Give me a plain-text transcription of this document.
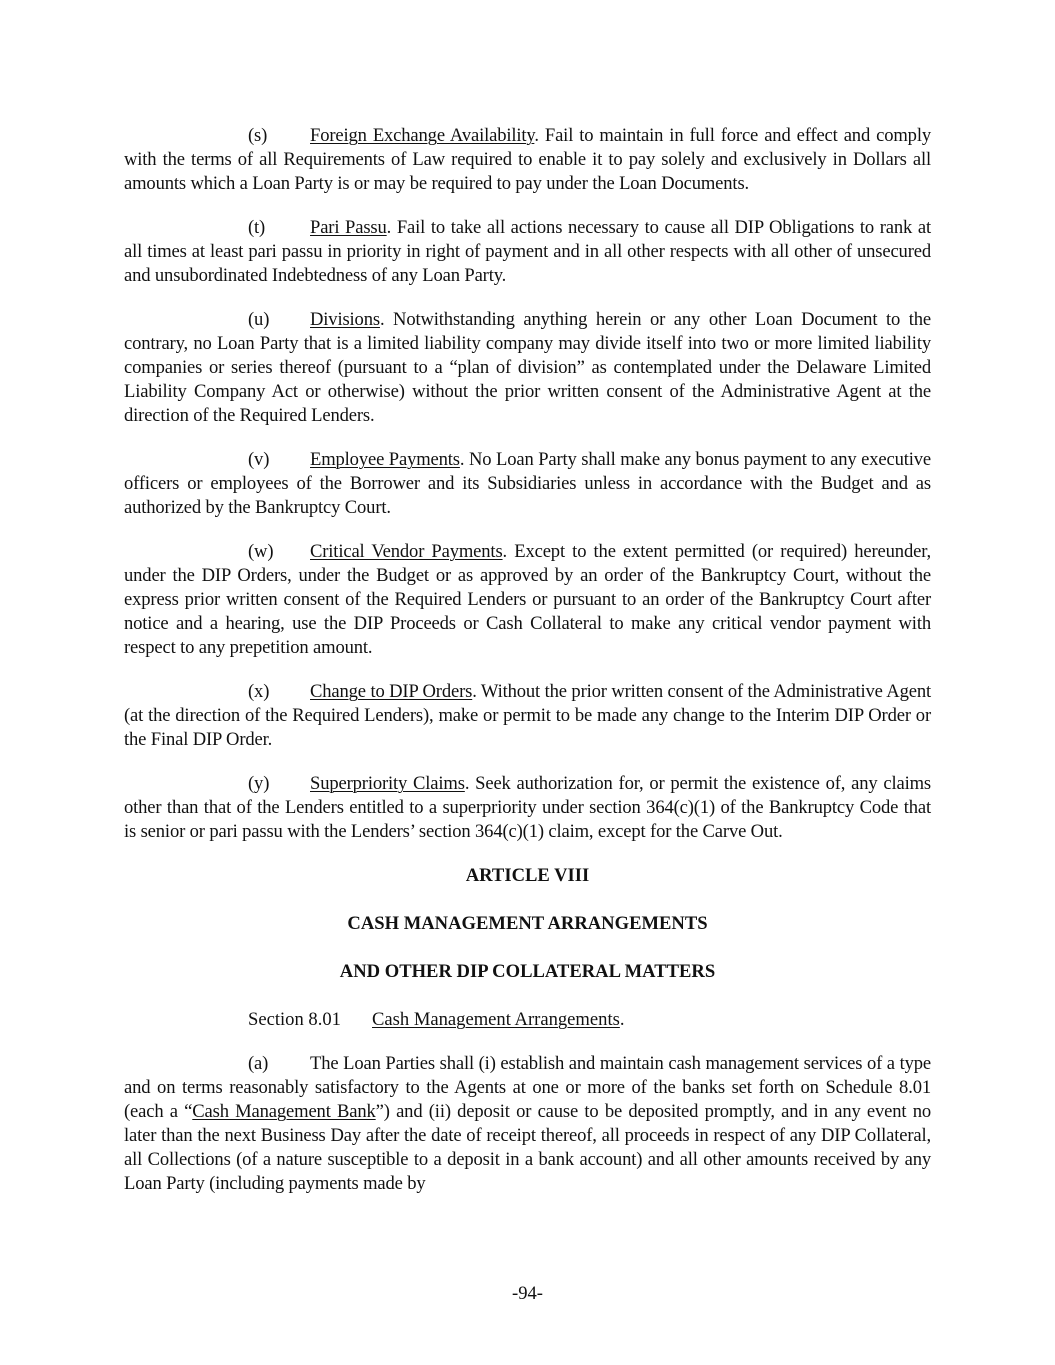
(s) Foreign Exchange Availability. Fail to maintain in full force and effect and comply with the terms of all Requirements of Law required to enable it to pay solely and exclusively in Dollars all amounts which a Loan Party is or may be required to pay under the Loan Documents.

(t) Pari Passu. Fail to take all actions necessary to cause all DIP Obligations to rank at all times at least pari passu in priority in right of payment and in all other respects with all other of unsecured and unsubordinated Indebtedness of any Loan Party.

(u) Divisions. Notwithstanding anything herein or any other Loan Document to the contrary, no Loan Party that is a limited liability company may divide itself into two or more limited liability companies or series thereof (pursuant to a “plan of division” as contemplated under the Delaware Limited Liability Company Act or otherwise) without the prior written consent of the Administrative Agent at the direction of the Required Lenders.

(v) Employee Payments. No Loan Party shall make any bonus payment to any executive officers or employees of the Borrower and its Subsidiaries unless in accordance with the Budget and as authorized by the Bankruptcy Court.

(w) Critical Vendor Payments. Except to the extent permitted (or required) hereunder, under the DIP Orders, under the Budget or as approved by an order of the Bankruptcy Court, without the express prior written consent of the Required Lenders or pursuant to an order of the Bankruptcy Court after notice and a hearing, use the DIP Proceeds or Cash Collateral to make any critical vendor payment with respect to any prepetition amount.

(x) Change to DIP Orders. Without the prior written consent of the Administrative Agent (at the direction of the Required Lenders), make or permit to be made any change to the Interim DIP Order or the Final DIP Order.

(y) Superpriority Claims. Seek authorization for, or permit the existence of, any claims other than that of the Lenders entitled to a superpriority under section 364(c)(1) of the Bankruptcy Code that is senior or pari passu with the Lenders’ section 364(c)(1) claim, except for the Carve Out.

ARTICLE VIII
CASH MANAGEMENT ARRANGEMENTS
AND OTHER DIP COLLATERAL MATTERS
Section 8.01 Cash Management Arrangements.

(a) The Loan Parties shall (i) establish and maintain cash management services of a type and on terms reasonably satisfactory to the Agents at one or more of the banks set forth on Schedule 8.01 (each a “Cash Management Bank”) and (ii) deposit or cause to be deposited promptly, and in any event no later than the next Business Day after the date of receipt thereof, all proceeds in respect of any DIP Collateral, all Collections (of a nature susceptible to a deposit in a bank account) and all other amounts received by any Loan Party (including payments made by

-94-
